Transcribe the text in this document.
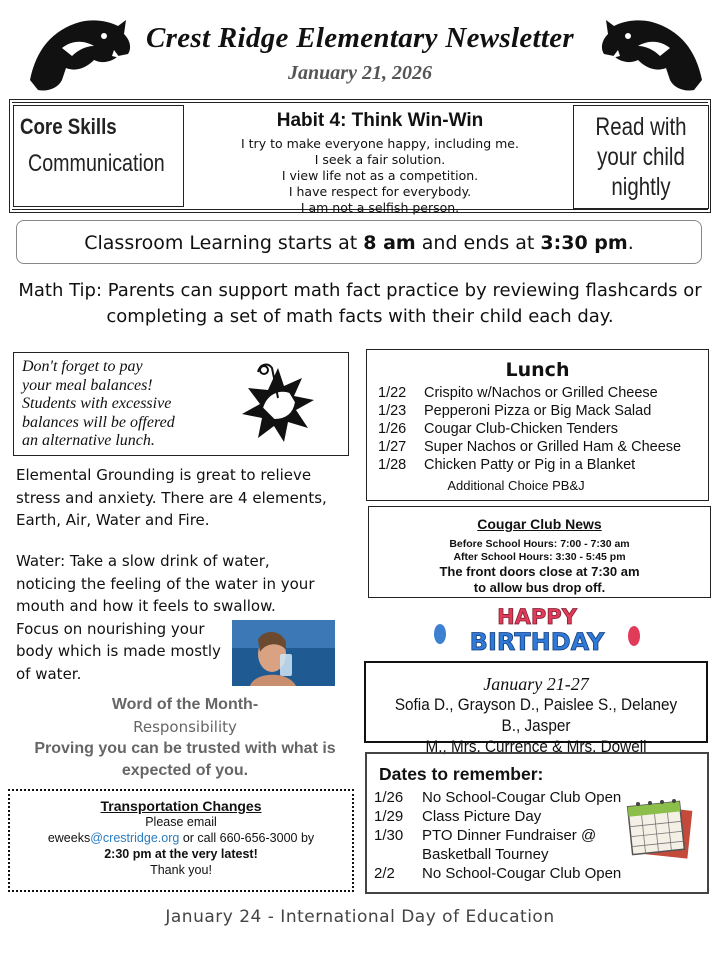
Crest Ridge Elementary Newsletter
January 21, 2026
Core Skills
Communication
Habit 4: Think Win-Win
I try to make everyone happy, including me.
I seek a fair solution.
I view life not as a competition.
I have respect for everybody.
I am not a selfish person.
Read with
your child
nightly
Classroom Learning starts at 8 am and ends at 3:30 pm.
Math Tip: Parents can support math fact practice by reviewing flashcards or completing a set of math facts with their child each day.
Don't forget to pay
your meal balances!
Students with excessive
balances will be offered
an alternative lunch.
Elemental Grounding is great to relieve
stress and anxiety. There are 4 elements,
Earth, Air, Water and Fire.
Water: Take a slow drink of water,
noticing the feeling of the water in your
mouth and how it feels to swallow.
Focus on nourishing your
body which is made mostly
of water.
Word of the Month-
Responsibility
Proving you can be trusted with what is
expected of you.
Transportation Changes
Please email
eweeks@crestridge.org or call 660-656-3000 by
2:30 pm at the very latest!
Thank you!
Lunch
1/22 Crispito w/Nachos or Grilled Cheese
1/23 Pepperoni Pizza or Big Mack Salad
1/26 Cougar Club-Chicken Tenders
1/27 Super Nachos or Grilled Ham & Cheese
1/28 Chicken Patty or Pig in a Blanket
Additional Choice PB&J
Cougar Club News
Before School Hours: 7:00 - 7:30 am
After School Hours: 3:30 - 5:45 pm
The front doors close at 7:30 am
to allow bus drop off.
HAPPY
BIRTHDAY
January 21-27
Sofia D., Grayson D., Paislee S., Delaney B., Jasper
M., Mrs. Currence & Mrs. Dowell
Dates to remember:
1/26 No School-Cougar Club Open
1/29 Class Picture Day
1/30 PTO Dinner Fundraiser @
Basketball Tourney
2/2 No School-Cougar Club Open
January 24 - International Day of Education
